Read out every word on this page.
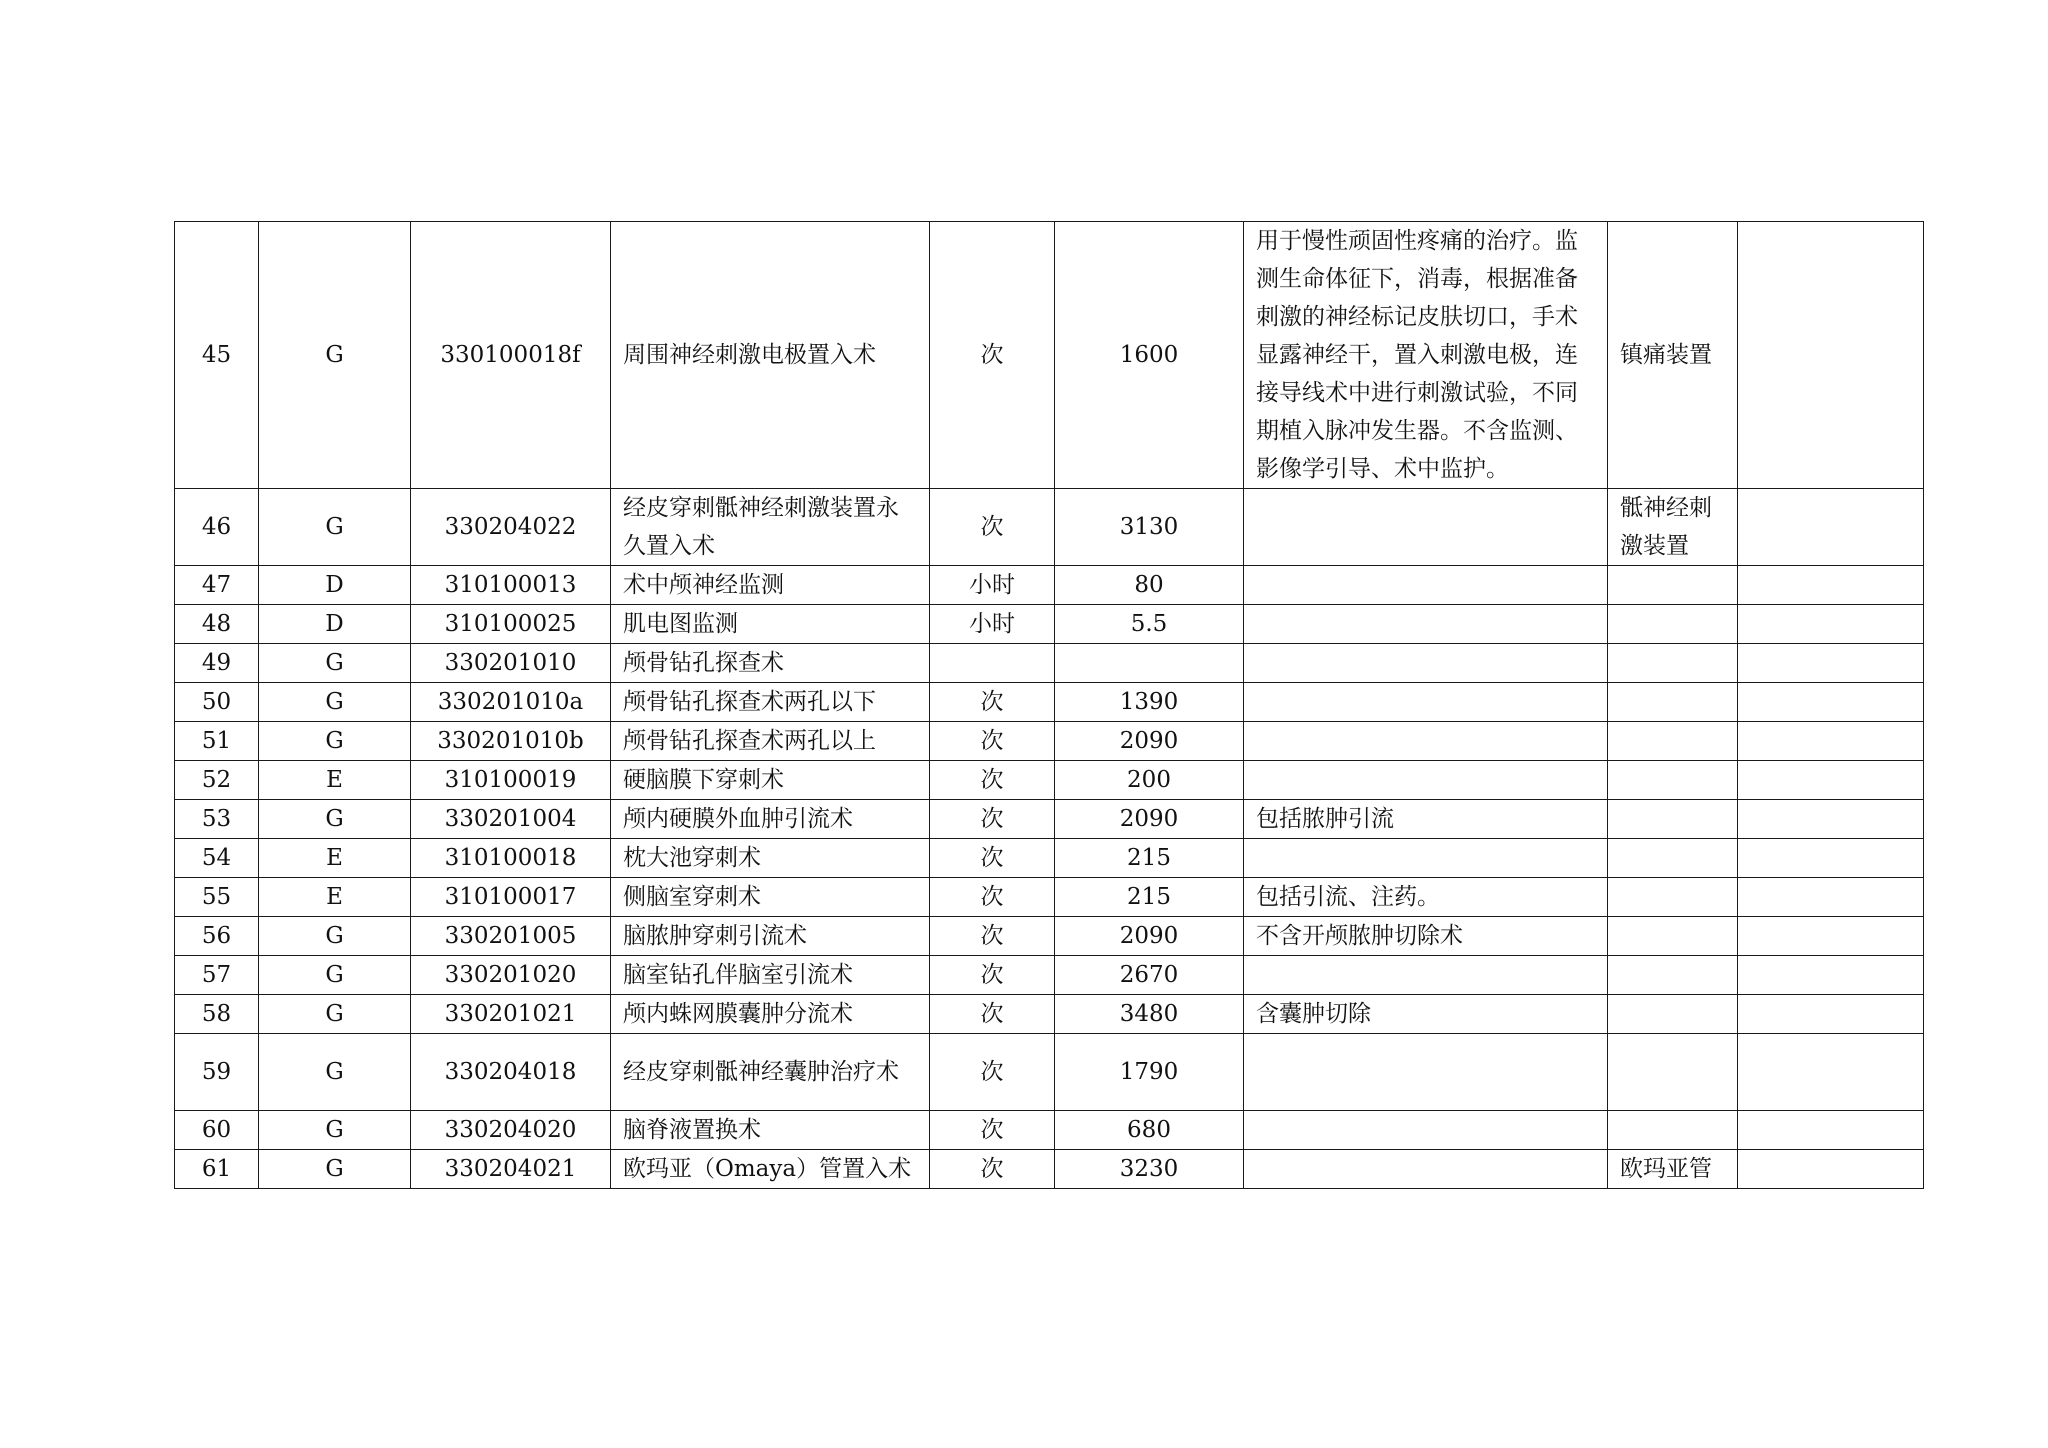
45	G	330100018f	周围神经刺激电极置入术	次	1600	用于慢性顽固性疼痛的治疗。监测生命体征下，消毒，根据准备刺激的神经标记皮肤切口，手术显露神经干，置入刺激电极，连接导线术中进行刺激试验，不同期植入脉冲发生器。不含监测、影像学引导、术中监护。	镇痛装置	
46	G	330204022	经皮穿刺骶神经刺激装置永久置入术	次	3130		骶神经刺激装置	
47	D	310100013	术中颅神经监测	小时	80			
48	D	310100025	肌电图监测	小时	5.5			
49	G	330201010	颅骨钻孔探查术					
50	G	330201010a	颅骨钻孔探查术两孔以下	次	1390			
51	G	330201010b	颅骨钻孔探查术两孔以上	次	2090			
52	E	310100019	硬脑膜下穿刺术	次	200			
53	G	330201004	颅内硬膜外血肿引流术	次	2090	包括脓肿引流		
54	E	310100018	枕大池穿刺术	次	215			
55	E	310100017	侧脑室穿刺术	次	215	包括引流、注药。		
56	G	330201005	脑脓肿穿刺引流术	次	2090	不含开颅脓肿切除术		
57	G	330201020	脑室钻孔伴脑室引流术	次	2670			
58	G	330201021	颅内蛛网膜囊肿分流术	次	3480	含囊肿切除		
59	G	330204018	经皮穿刺骶神经囊肿治疗术	次	1790			
60	G	330204020	脑脊液置换术	次	680			
61	G	330204021	欧玛亚（Omaya）管置入术	次	3230		欧玛亚管	
